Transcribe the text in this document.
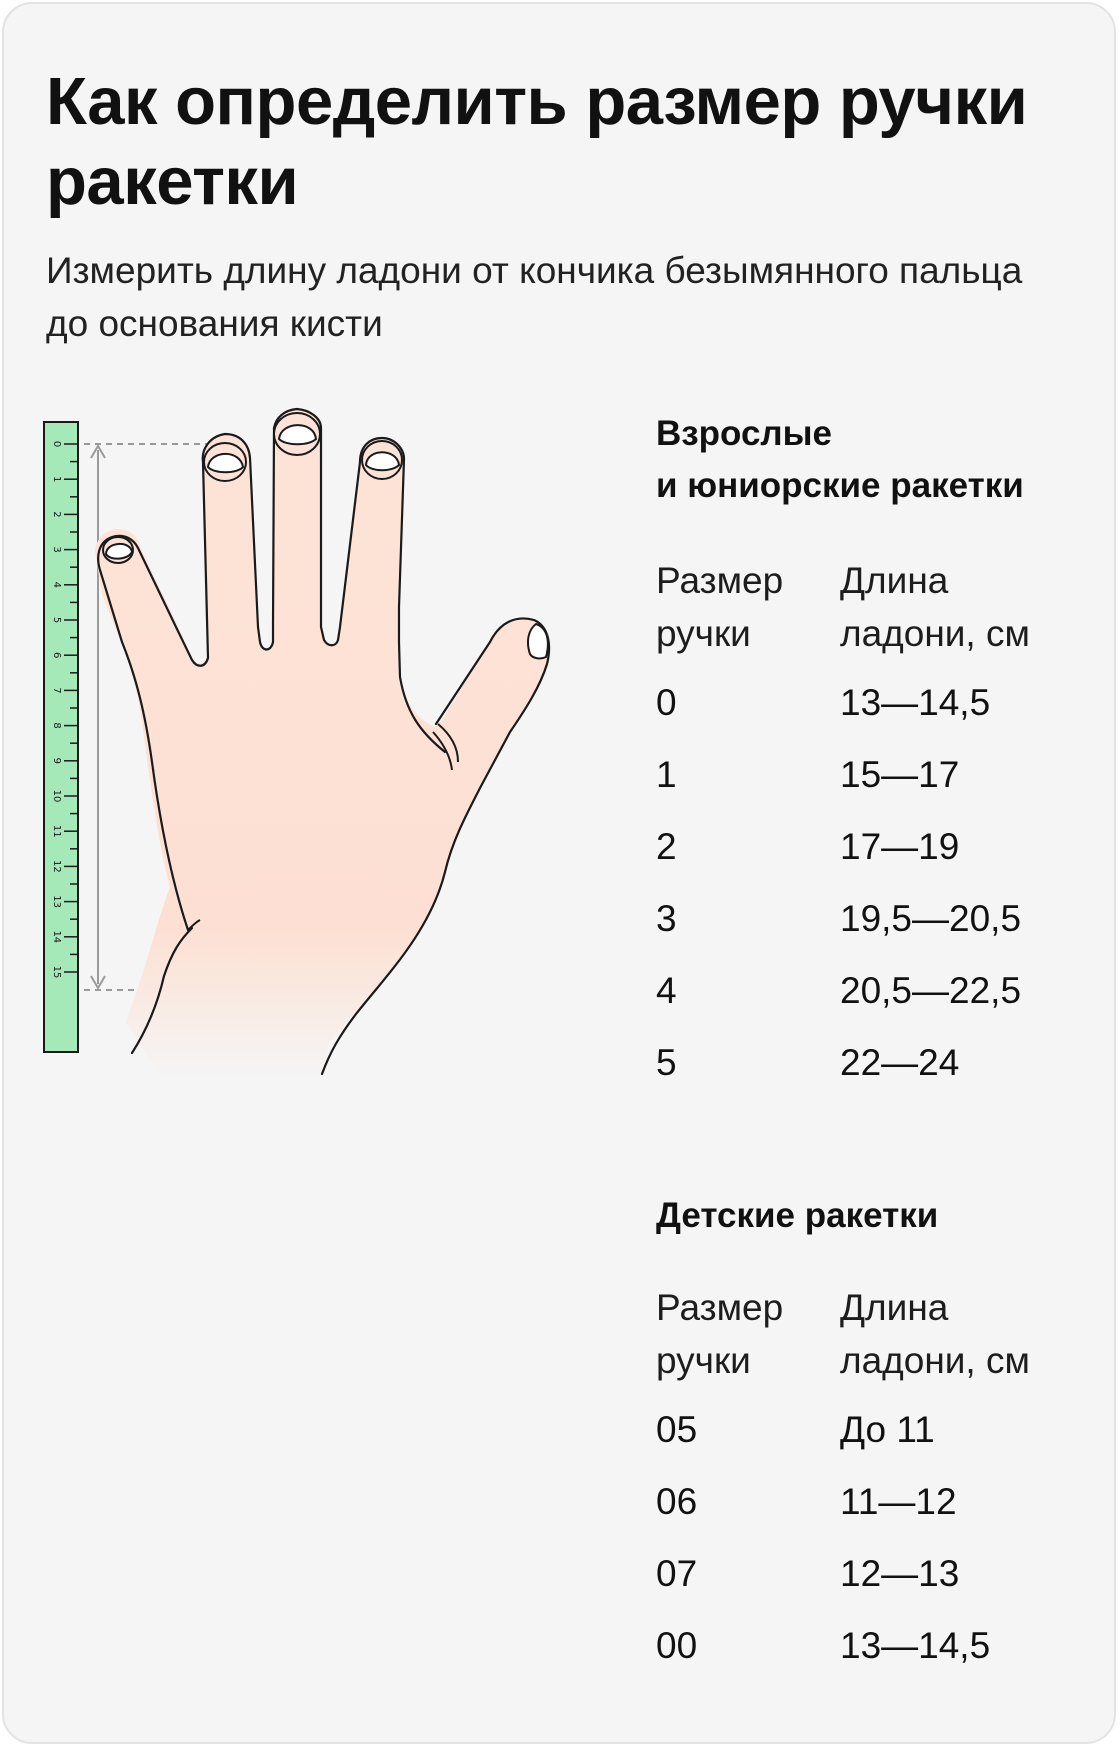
Как определить размер ручки ракетки

Измерить длину ладони от кончика безымянного пальца до основания кисти

0
1
2
3
4
5
6
7
8
9
10
11
12
13
14
15
Взрослые
и юниорские ракетки
Размер
ручки
Длина
ладони, см
0	13—14,5
1	15—17
2	17—19
3	19,5—20,5
4	20,5—22,5
5	22—24
Детские ракетки
Размер
ручки
Длина
ладони, см
05	До 11
06	11—12
07	12—13
00	13—14,5
